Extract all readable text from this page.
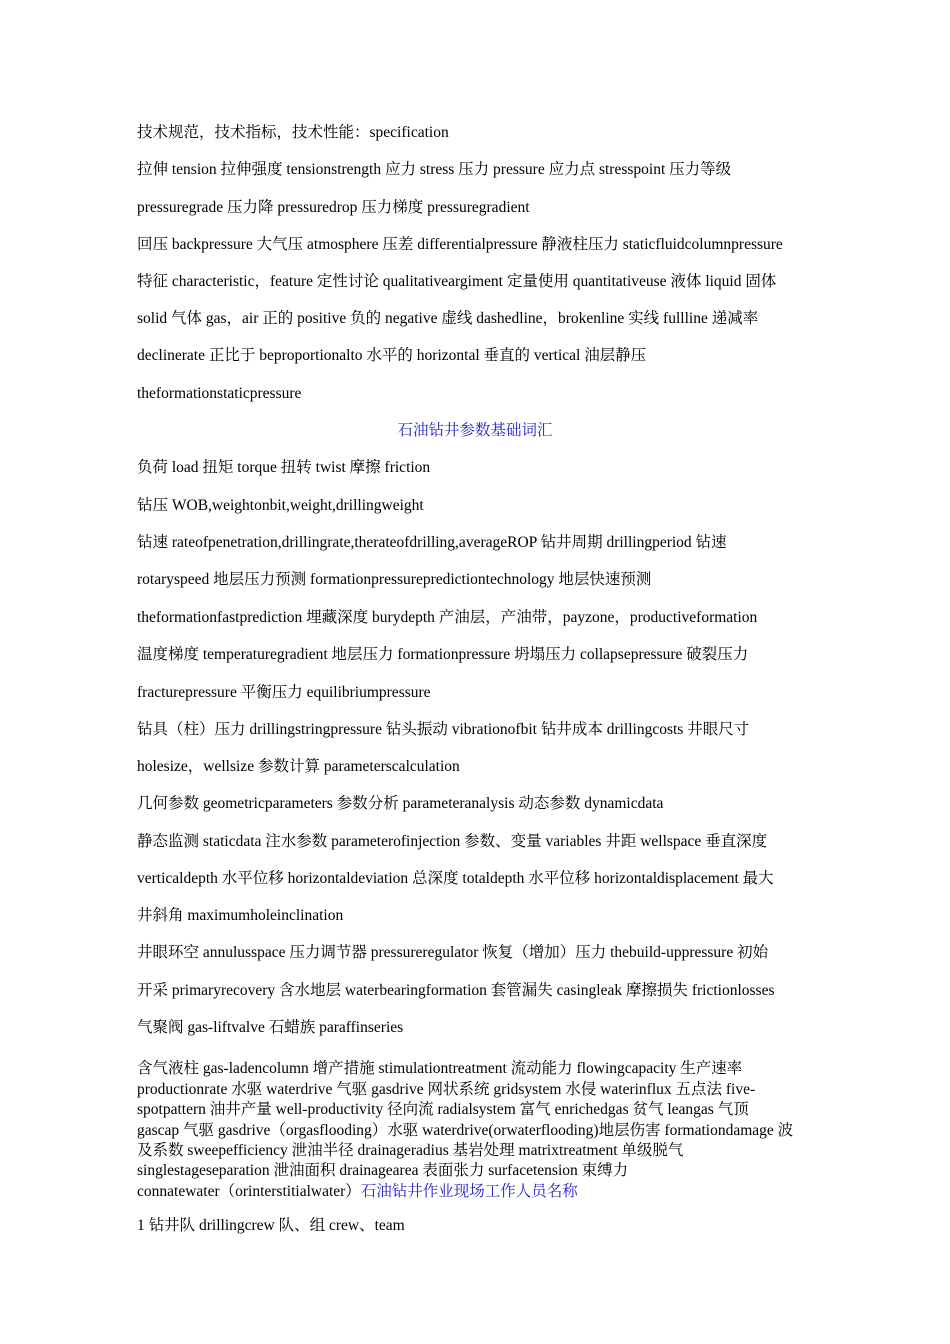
技术规范，技术指标，技术性能：specification
拉伸 tension 拉伸强度 tensionstrength 应力 stress 压力 pressure 应力点 stresspoint 压力等级
pressuregrade 压力降 pressuredrop 压力梯度 pressuregradient
回压 backpressure 大气压 atmosphere 压差 differentialpressure 静液柱压力 staticfluidcolumnpressure
特征 characteristic，feature 定性讨论 qualitativeargiment 定量使用 quantitativeuse 液体 liquid 固体
solid 气体 gas，air 正的 positive 负的 negative 虚线 dashedline，brokenline 实线 fullline 递减率
declinerate 正比于 beproportionalto 水平的 horizontal 垂直的 vertical 油层静压
theformationstaticpressure
石油钻井参数基础词汇
负荷 load 扭矩 torque 扭转 twist 摩擦 friction
钻压 WOB,weightonbit,weight,drillingweight
钻速 rateofpenetration,drillingrate,therateofdrilling,averageROP 钻井周期 drillingperiod 钻速
rotaryspeed 地层压力预测 formationpressurepredictiontechnology 地层快速预测
theformationfastprediction 埋藏深度 burydepth 产油层，产油带，payzone，productiveformation
温度梯度 temperaturegradient 地层压力 formationpressure 坍塌压力 collapsepressure 破裂压力
fracturepressure 平衡压力 equilibriumpressure
钻具（柱）压力 drillingstringpressure 钻头振动 vibrationofbit 钻井成本 drillingcosts 井眼尺寸
holesize，wellsize 参数计算 parameterscalculation
几何参数 geometricparameters 参数分析 parameteranalysis 动态参数 dynamicdata
静态监测 staticdata 注水参数 parameterofinjection 参数、变量 variables 井距 wellspace 垂直深度
verticaldepth 水平位移 horizontaldeviation 总深度 totaldepth 水平位移 horizontaldisplacement 最大
井斜角 maximumholeinclination
井眼环空 annulusspace 压力调节器 pressureregulator 恢复（增加）压力 thebuild-uppressure 初始
开采 primaryrecovery 含水地层 waterbearingformation 套管漏失 casingleak 摩擦损失 frictionlosses
气聚阀 gas-liftvalve 石蜡族 paraffinseries
含气液柱 gas-ladencolumn 增产措施 stimulationtreatment 流动能力 flowingcapacity 生产速率
productionrate 水驱 waterdrive 气驱 gasdrive 网状系统 gridsystem 水侵 waterinflux 五点法 five-
spotpattern 油井产量 well-productivity 径向流 radialsystem 富气 enrichedgas 贫气 leangas 气顶
gascap 气驱 gasdrive（orgasflooding）水驱 waterdrive(orwaterflooding)地层伤害 formationdamage 波
及系数 sweepefficiency 泄油半径 drainageradius 基岩处理 matrixtreatment 单级脱气
singlestageseparation 泄油面积 drainagearea 表面张力 surfacetension 束缚力
connatewater（orinterstitialwater）石油钻井作业现场工作人员名称
1 钻井队 drillingcrew 队、组 crew、team
